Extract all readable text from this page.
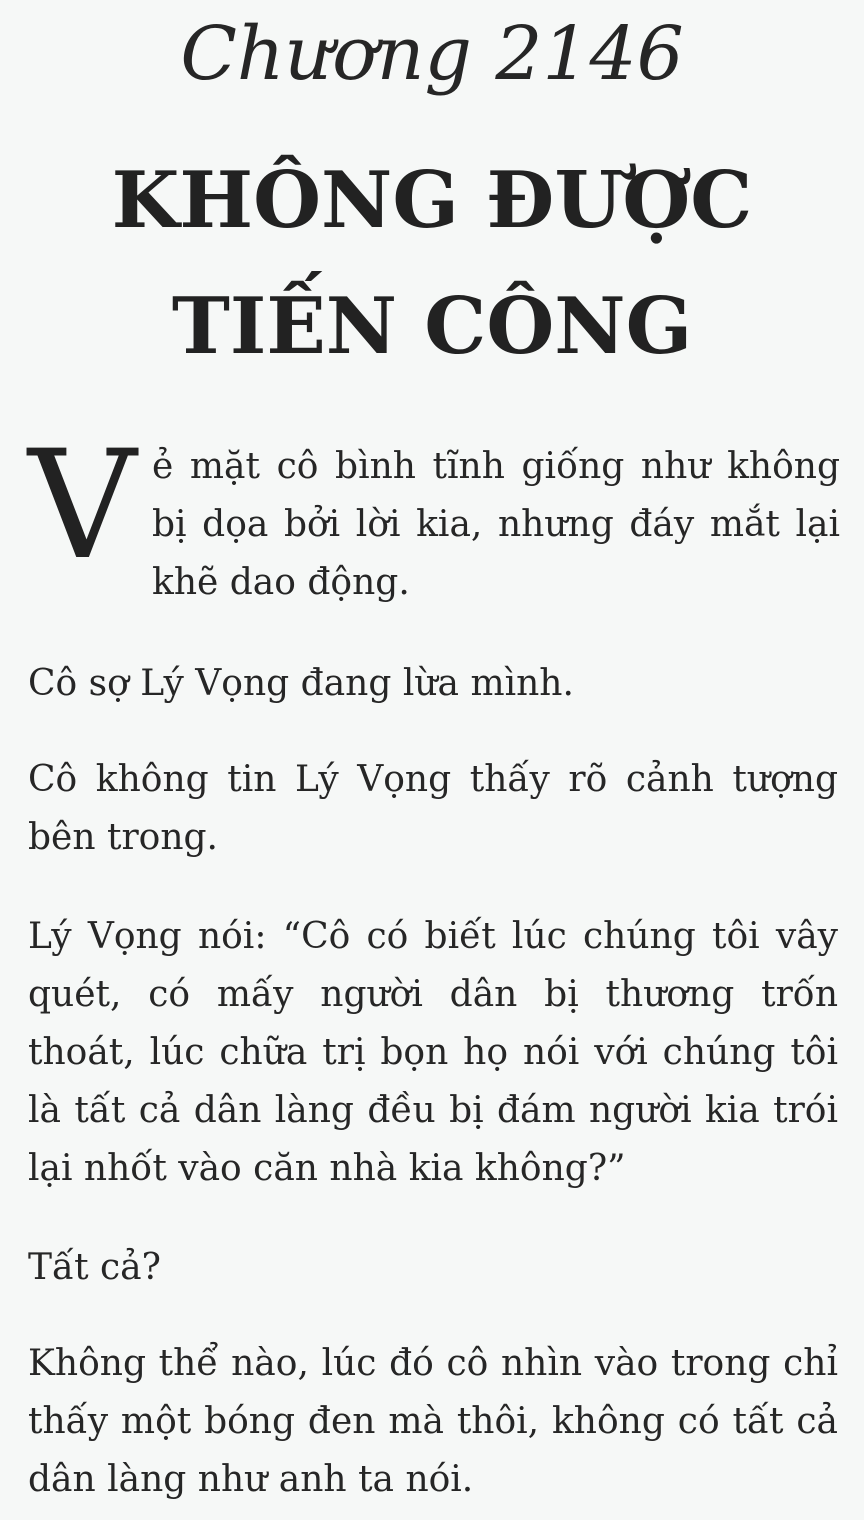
Chương 2146
KHÔNG ĐƯỢC
TIẾN CÔNG
V ẻ mặt cô bình tĩnh giống như không bị dọa bởi lời kia, nhưng đáy mắt lại khẽ dao động.

Cô sợ Lý Vọng đang lừa mình.

Cô không tin Lý Vọng thấy rõ cảnh tượng bên trong.

Lý Vọng nói: “Cô có biết lúc chúng tôi vây quét, có mấy người dân bị thương trốn thoát, lúc chữa trị bọn họ nói với chúng tôi là tất cả dân làng đều bị đám người kia trói lại nhốt vào căn nhà kia không?”

Tất cả?

Không thể nào, lúc đó cô nhìn vào trong chỉ thấy một bóng đen mà thôi, không có tất cả dân làng như anh ta nói.
